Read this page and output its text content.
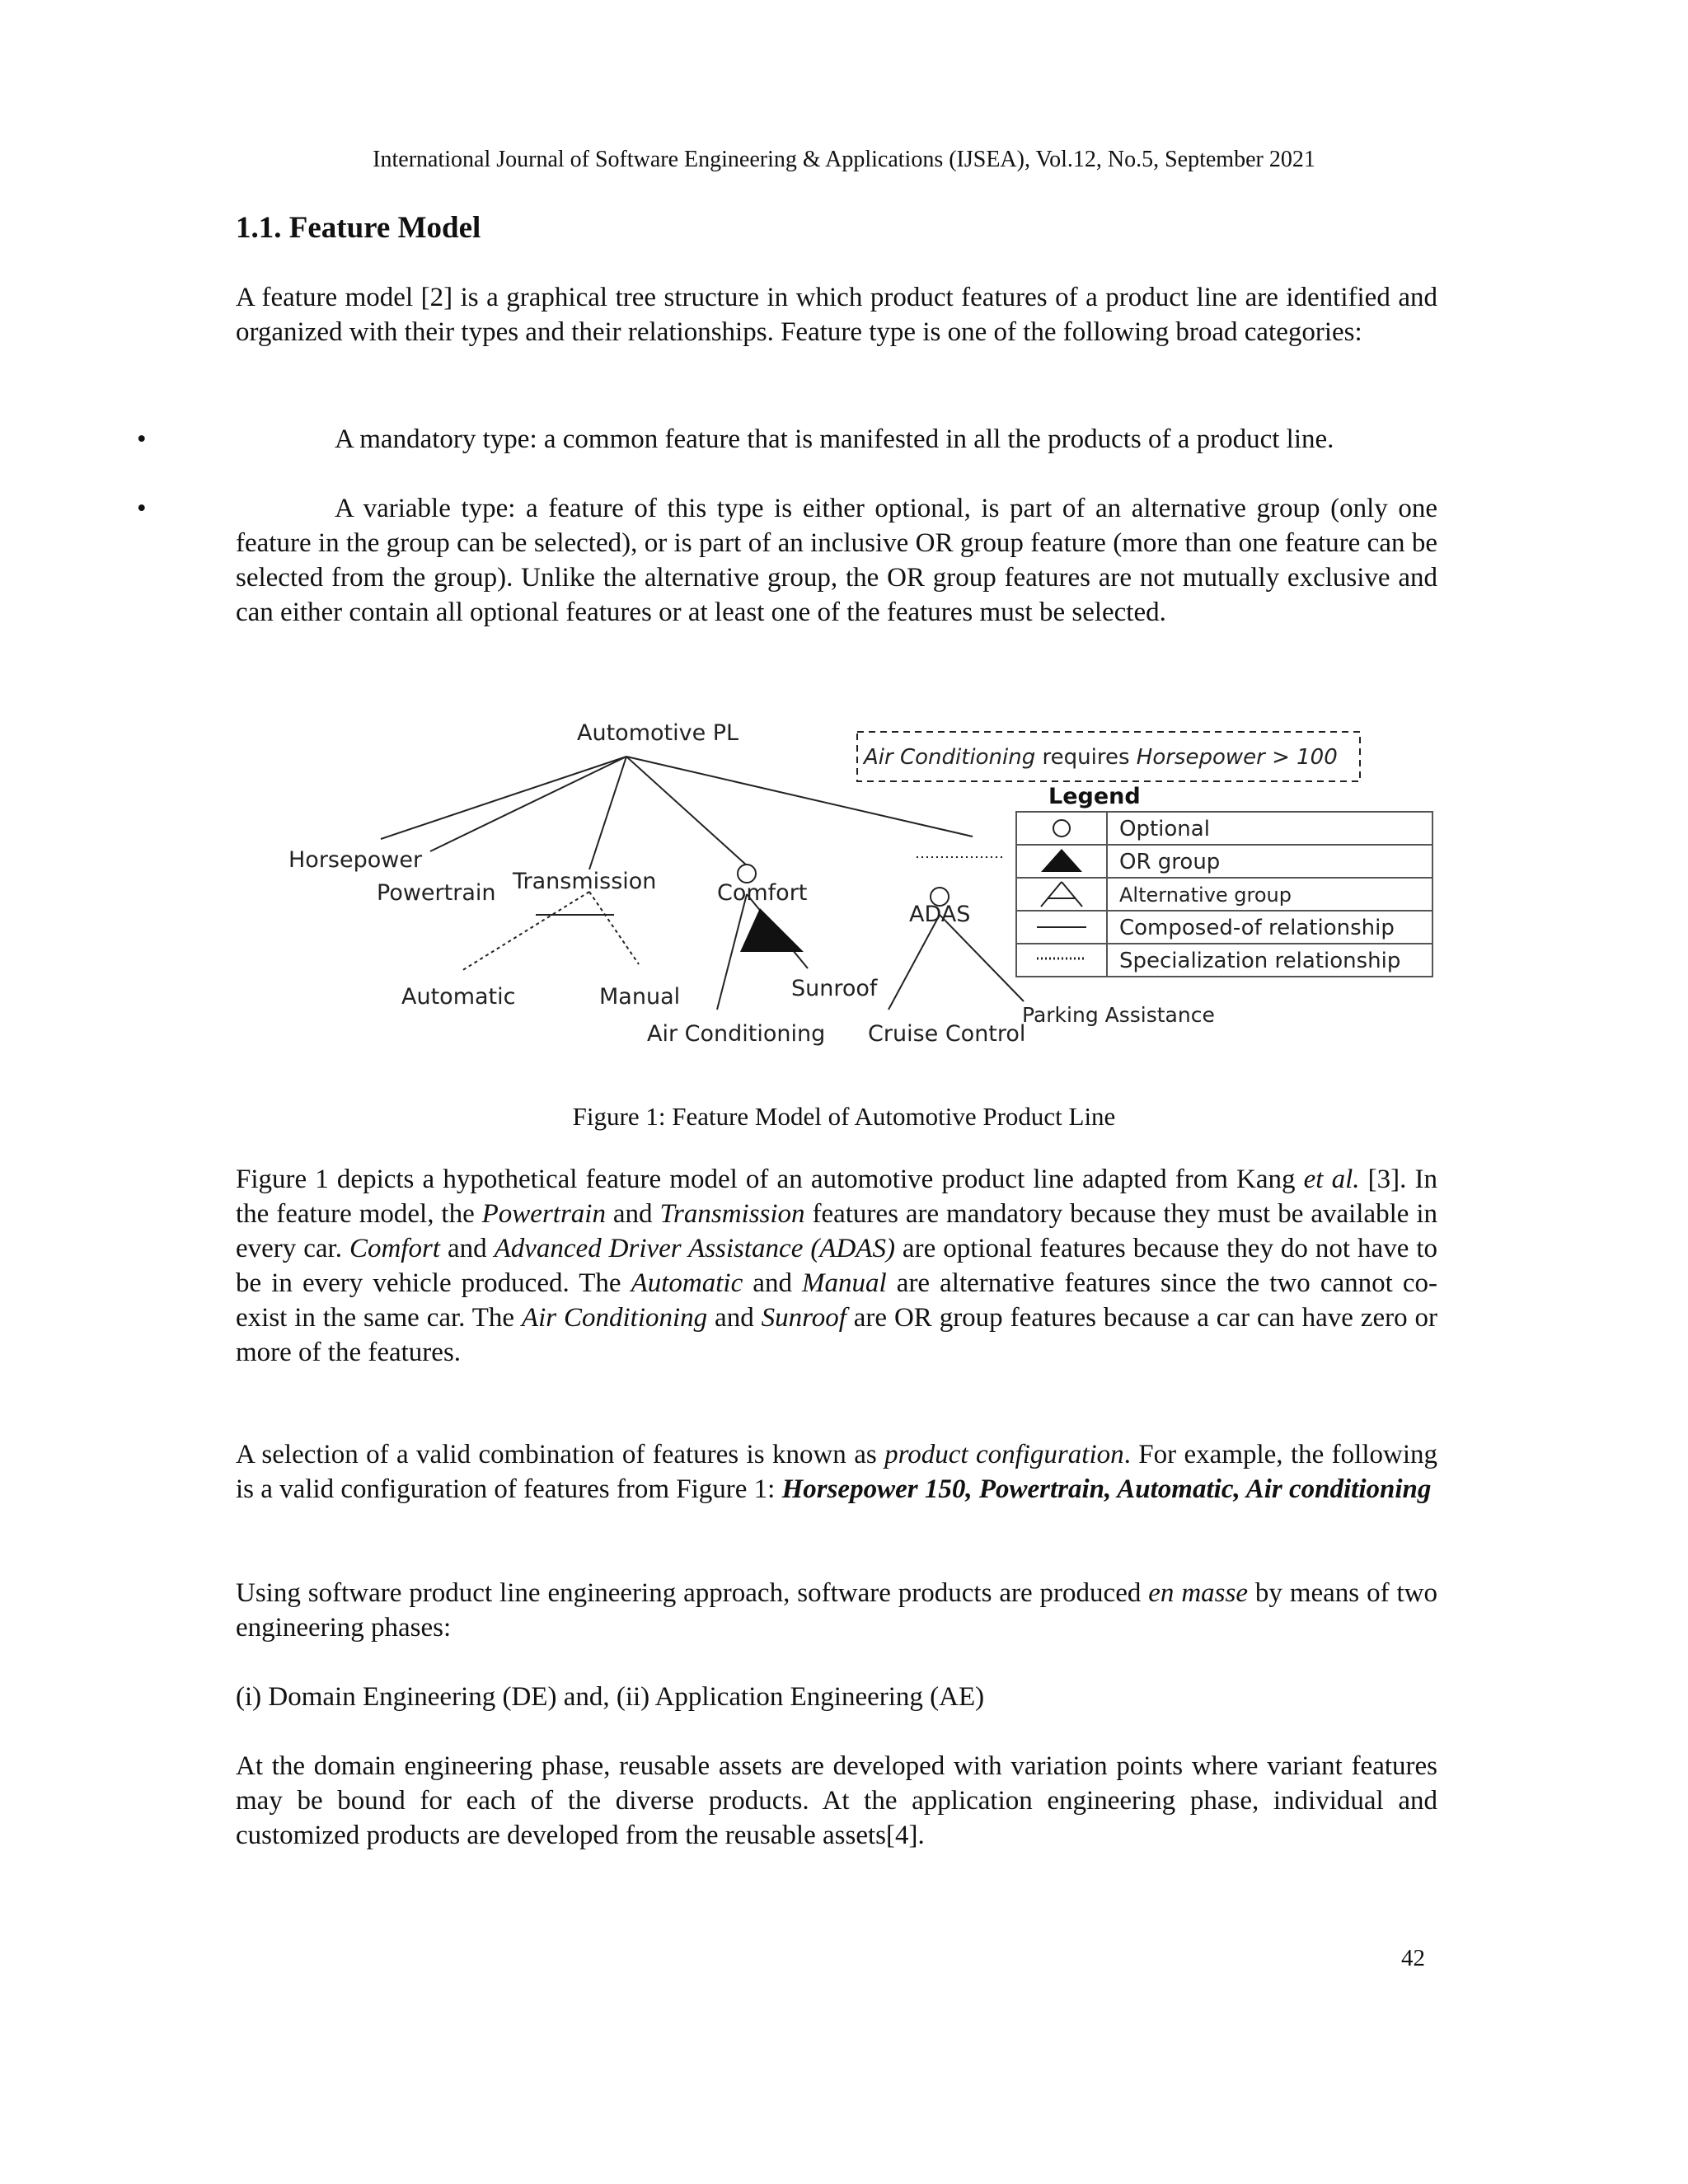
International Journal of Software Engineering & Applications (IJSEA), Vol.12, No.5, September 2021
1.1. Feature Model

A feature model [2] is a graphical tree structure in which product features of a product line are identified and organized with their types and their relationships. Feature type is one of the following broad categories:

•	A mandatory type: a common feature that is manifested in all the products of a product line.

•	A variable type: a feature of this type is either optional, is part of an alternative group (only one feature in the group can be selected), or is part of an inclusive OR group feature (more than one feature can be selected from the group). Unlike the alternative group, the OR group features are not mutually exclusive and can either contain all optional features or at least one of the features must be selected.

Automotive PL
Air Conditioning requires Horsepower > 100
Horsepower
Powertrain Transmission	Comfort
ADAS
Automatic	Manual	Sunroof
Air Conditioning Cruise Control
Parking Assistance
Legend
Optional
OR group
Alternative group
Composed-of relationship
Specialization relationship
Figure 1: Feature Model of Automotive Product Line

Figure 1 depicts a hypothetical feature model of an automotive product line adapted from Kang et al. [3]. In the feature model, the Powertrain and Transmission features are mandatory because they must be available in every car. Comfort and Advanced Driver Assistance (ADAS) are optional features because they do not have to be in every vehicle produced. The Automatic and Manual are alternative features since the two cannot co-exist in the same car. The Air Conditioning and Sunroof are OR group features because a car can have zero or more of the features.

A selection of a valid combination of features is known as product configuration. For example, the following is a valid configuration of features from Figure 1: Horsepower 150, Powertrain, Automatic, Air conditioning

Using software product line engineering approach, software products are produced en masse by means of two engineering phases:

(i) Domain Engineering (DE) and, (ii) Application Engineering (AE)

At the domain engineering phase, reusable assets are developed with variation points where variant features may be bound for each of the diverse products. At the application engineering phase, individual and customized products are developed from the reusable assets[4].

42
